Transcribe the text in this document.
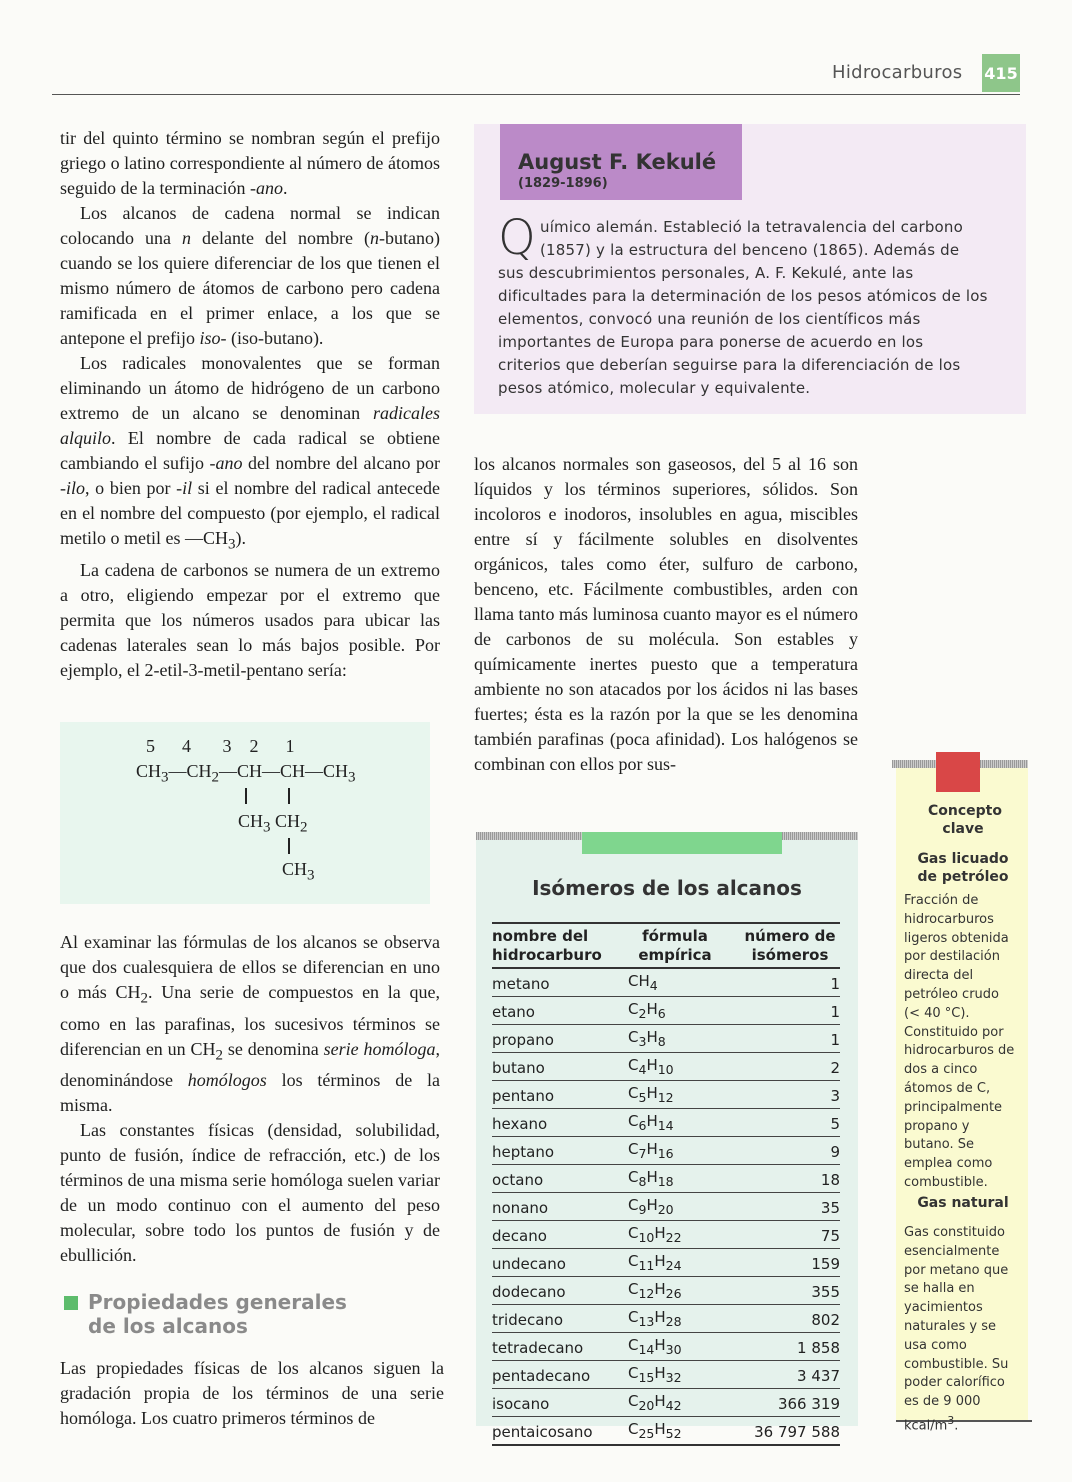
Hidrocarburos 415

tir del quinto término se nombran según el prefijo griego o latino correspondiente al número de átomos seguido de la terminación -ano.

Los alcanos de cadena normal se indican colocando una n delante del nombre (n-butano) cuando se los quiere diferenciar de los que tienen el mismo número de átomos de carbono pero cadena ramificada en el primer enlace, a los que se antepone el prefijo iso- (iso-butano).

Los radicales monovalentes que se forman eliminando un átomo de hidrógeno de un carbono extremo de un alcano se denominan radicales alquilo. El nombre de cada radical se obtiene cambiando el sufijo -ano del nombre del alcano por -ilo, o bien por -il si el nombre del radical antecede en el nombre del compuesto (por ejemplo, el radical metilo o metil es $—CH_3$).

La cadena de carbonos se numera de un extremo a otro, eligiendo empezar por el extremo que permita que los números usados para ubicar las cadenas laterales sean lo más bajos posible. Por ejemplo, el 2-etil-3-metil-pentano sería:

5      4       3    2      1
$CH_3—CH_2—CH—CH—CH_3$
$CH_3$ $CH_2$
$CH_3$

Al examinar las fórmulas de los alcanos se observa que dos cualesquiera de ellos se diferencian en uno o más $CH_2$. Una serie de compuestos en la que, como en las parafinas, los sucesivos términos se diferencian en un $CH_2$ se denomina serie homóloga, denominándose homólogos los términos de la misma.

Las constantes físicas (densidad, solubilidad, punto de fusión, índice de refracción, etc.) de los términos de una misma serie homóloga suelen variar de un modo continuo con el aumento del peso molecular, sobre todo los puntos de fusión y de ebullición.

Propiedades generales
de los alcanos

Las propiedades físicas de los alcanos siguen la gradación propia de los términos de una serie homóloga. Los cuatro primeros términos de

August F. Kekulé
(1829-1896)
Químico alemán. Estableció la tetravalencia del carbono (1857) y la estructura del benceno (1865). Además de sus descubrimientos personales, A. F. Kekulé, ante las dificultades para la determinación de los pesos atómicos de los elementos, convocó una reunión de los científicos más importantes de Europa para ponerse de acuerdo en los criterios que deberían seguirse para la diferenciación de los pesos atómico, molecular y equivalente.

los alcanos normales son gaseosos, del 5 al 16 son líquidos y los términos superiores, sólidos. Son incoloros e inodoros, insolubles en agua, miscibles entre sí y fácilmente solubles en disolventes orgánicos, tales como éter, sulfuro de carbono, benceno, etc. Fácilmente combustibles, arden con llama tanto más luminosa cuanto mayor es el número de carbonos de su molécula. Son estables y químicamente inertes puesto que a temperatura ambiente no son atacados por los ácidos ni las bases fuertes; ésta es la razón por la que se les denomina también parafinas (poca afinidad). Los halógenos se combinan con ellos por sus-

Isómeros de los alcanos
nombre del hidrocarburo	fórmula empírica	número de isómeros
metano	$CH_4$	1
etano	$C_2H_6$	1
propano	$C_3H_8$	1
butano	$C_4H_{10}$	2
pentano	$C_5H_{12}$	3
hexano	$C_6H_{14}$	5
heptano	$C_7H_{16}$	9
octano	$C_8H_{18}$	18
nonano	$C_9H_{20}$	35
decano	$C_{10}H_{22}$	75
undecano	$C_{11}H_{24}$	159
dodecano	$C_{12}H_{26}$	355
tridecano	$C_{13}H_{28}$	802
tetradecano	$C_{14}H_{30}$	1 858
pentadecano	$C_{15}H_{32}$	3 437
isocano	$C_{20}H_{42}$	366 319
pentaicosano	$C_{25}H_{52}$	36 797 588
Concepto clave
Gas licuado de petróleo
Fracción de hidrocarburos ligeros obtenida por destilación directa del petróleo crudo (< 40 °C). Constituido por hidrocarburos de dos a cinco átomos de C, principalmente propano y butano. Se emplea como combustible.
Gas natural
Gas constituido esencialmente por metano que se halla en yacimientos naturales y se usa como combustible. Su poder calorífico es de 9 000 kcal/$m^3$.
